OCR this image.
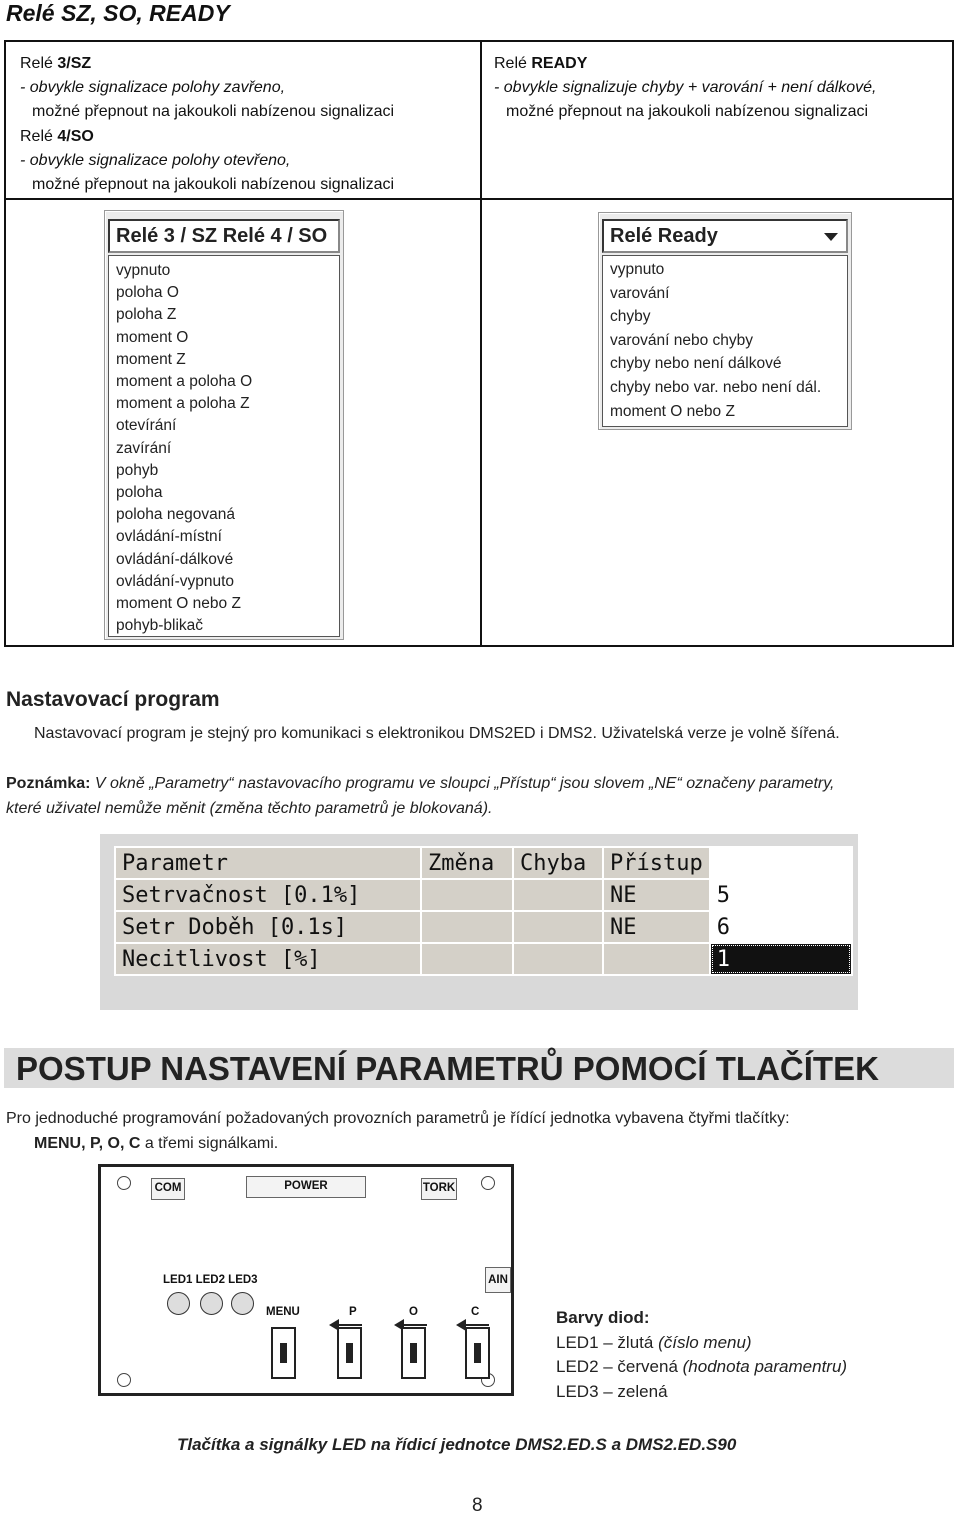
Relé SZ, SO, READY
Relé 3/SZ
- obvykle signalizace polohy zavřeno,
možné přepnout na jakoukoli nabízenou signalizaci
Relé 4/SO
- obvykle signalizace polohy otevřeno,
možné přepnout na jakoukoli nabízenou signalizaci
Relé READY
- obvykle signalizuje chyby + varování + není dálkové,
možné přepnout na jakoukoli nabízenou signalizaci
Relé 3 / SZ Relé 4 / SO
vypnuto
poloha O
poloha Z
moment O
moment Z
moment a poloha O
moment a poloha Z
otevírání
zavírání
pohyb
poloha
poloha negovaná
ovládání-místní
ovládání-dálkové
ovládání-vypnuto
moment O nebo Z
pohyb-blikač
Relé Ready
vypnuto
varování
chyby
varování nebo chyby
chyby nebo není dálkové
chyby nebo var. nebo není dál.
moment O nebo Z
Nastavovací program
Nastavovací program je stejný pro komunikaci s elektronikou DMS2ED i DMS2. Uživatelská verze je volně šířená.
Poznámka: V okně „Parametry“ nastavovacího programu ve sloupci „Přístup“ jsou slovem „NE“ označeny parametry,
které uživatel nemůže měnit (změna těchto parametrů je blokovaná).
Parametr	Změna	Chyba	Přístup	
Setrvačnost [0.1%]			NE	5
Setr Doběh [0.1s]			NE	6
Necitlivost [%]				1
POSTUP NASTAVENÍ PARAMETRŮ POMOCÍ TLAČÍTEK
Pro jednoduché programování požadovaných provozních parametrů je řídící jednotka vybavena čtyřmi tlačítky:
MENU, P, O, C a třemi signálkami.
COM	POWER	TORK
AIN
LED1 LED2 LED3
MENU	P	O	C	Barvy diod:
LED1 – žlutá (číslo menu)
LED2 – červená (hodnota paramentru)
LED3 – zelená
Tlačítka a signálky LED na řídicí jednotce DMS2.ED.S a DMS2.ED.S90
8
